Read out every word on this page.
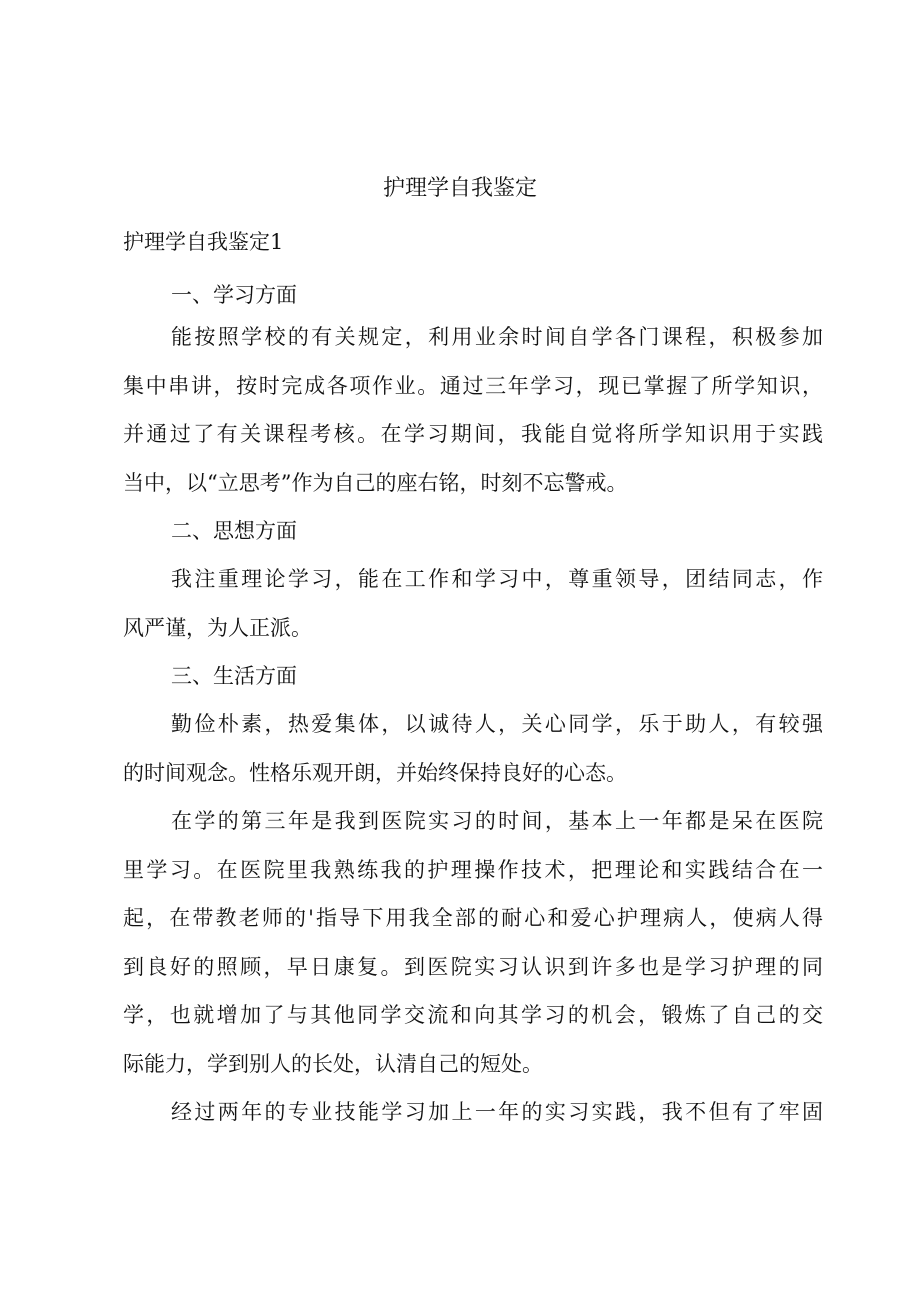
护理学自我鉴定
护理学自我鉴定1
一、学习方面
能按照学校的有关规定，利用业余时间自学各门课程，积极参加
集中串讲，按时完成各项作业。通过三年学习，现已掌握了所学知识，
并通过了有关课程考核。在学习期间，我能自觉将所学知识用于实践
当中，以“立思考”作为自己的座右铭，时刻不忘警戒。
二、思想方面
我注重理论学习，能在工作和学习中，尊重领导，团结同志，作
风严谨，为人正派。
三、生活方面
勤俭朴素，热爱集体，以诚待人，关心同学，乐于助人，有较强
的时间观念。性格乐观开朗，并始终保持良好的心态。
在学的第三年是我到医院实习的时间，基本上一年都是呆在医院
里学习。在医院里我熟练我的护理操作技术，把理论和实践结合在一
起，在带教老师的'指导下用我全部的耐心和爱心护理病人，使病人得
到良好的照顾，早日康复。到医院实习认识到许多也是学习护理的同
学，也就增加了与其他同学交流和向其学习的机会，锻炼了自己的交
际能力，学到别人的长处，认清自己的短处。
经过两年的专业技能学习加上一年的实习实践，我不但有了牢固
